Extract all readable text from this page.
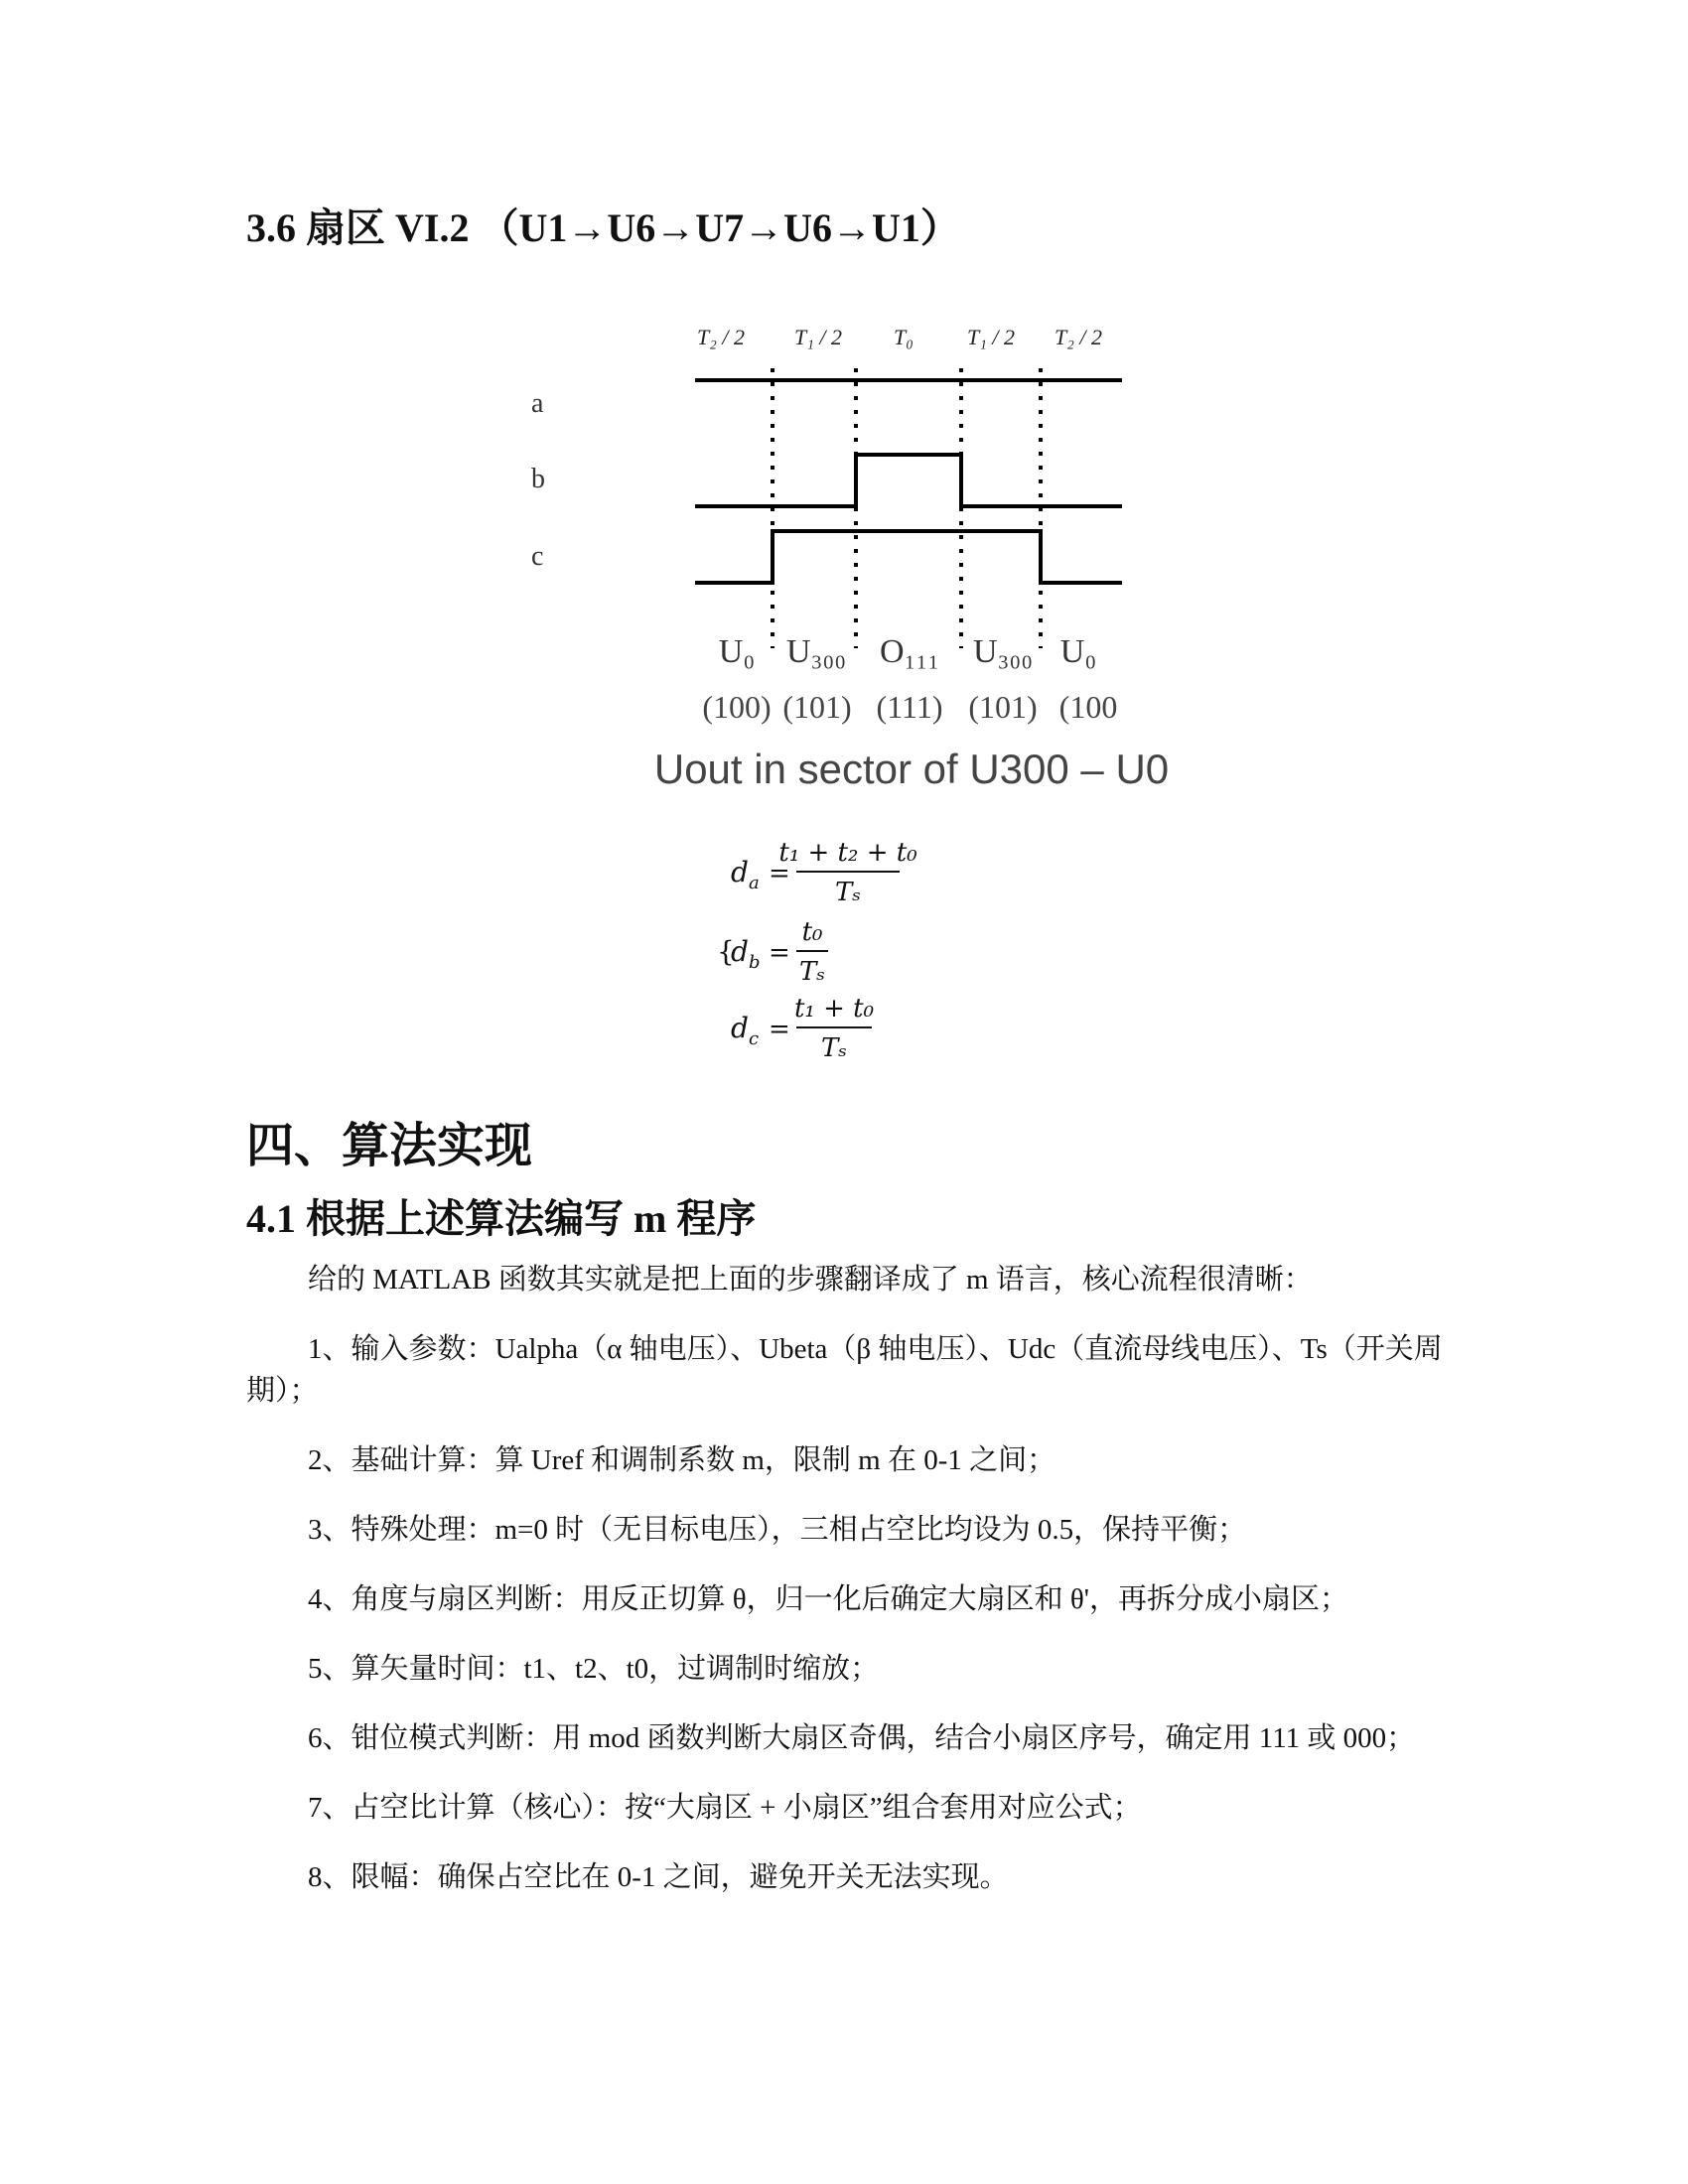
3.6 扇区 VI.2 （U1→U6→U7→U6→U1）
T₂ / 2 T₁ / 2 T₀ T₁ / 2 T₂ / 2
a
b
c
U₀ U₃₀₀ O₁₁₁ U₃₀₀ U₀
(100) (101) (111) (101) (100
Uout in sector of U300 – U0
d a =
t₁ + t₂ + t₀
Tₛ
{
d b =
t₀
Tₛ
d c =
t₁ + t₀
Tₛ
四、算法实现
4.1 根据上述算法编写 m 程序
给的 MATLAB 函数其实就是把上面的步骤翻译成了 m 语言，核心流程很清晰：
1、输入参数：Ualpha（α 轴电压）、Ubeta（β 轴电压）、Udc（直流母线电压）、Ts（开关周期）；
2、基础计算：算 Uref 和调制系数 m，限制 m 在 0-1 之间；
3、特殊处理：m=0 时（无目标电压），三相占空比均设为 0.5，保持平衡；
4、角度与扇区判断：用反正切算 θ，归一化后确定大扇区和 θ'，再拆分成小扇区；
5、算矢量时间：t1、t2、t0，过调制时缩放；
6、钳位模式判断：用 mod 函数判断大扇区奇偶，结合小扇区序号，确定用 111 或 000；
7、占空比计算（核心）：按“大扇区 + 小扇区”组合套用对应公式；
8、限幅：确保占空比在 0-1 之间，避免开关无法实现。
